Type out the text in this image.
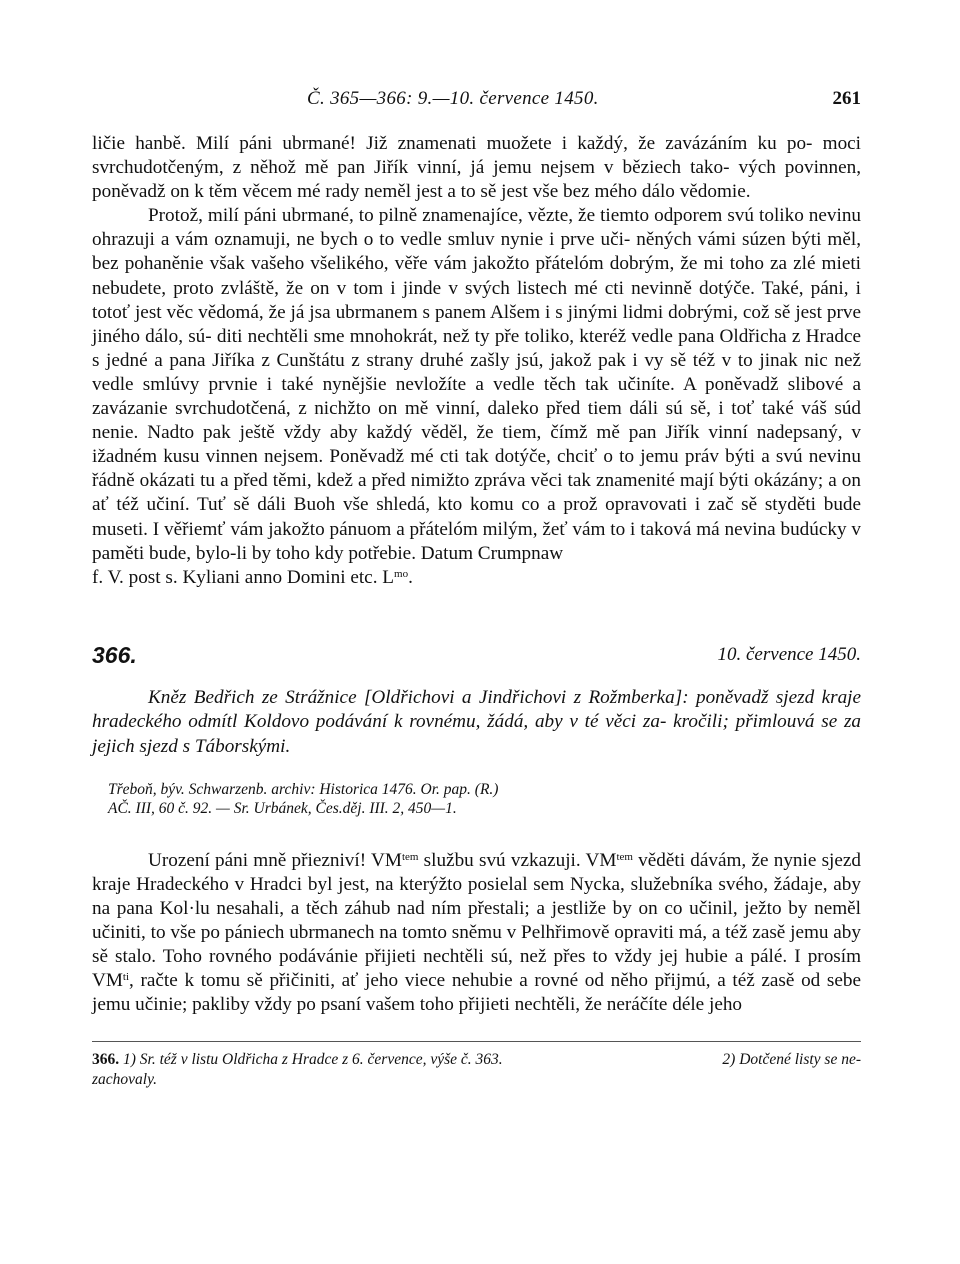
Č. 365—366: 9.—10. července 1450.	261

ličie hanbě. Milí páni ubrmané! Již znamenati muožete i každý, že zavázáním ku po- moci svrchudotčeným, z něhož mě pan Jiřík vinní, já jemu nejsem v běziech tako- vých povinnen, poněvadž on k těm věcem mé rady neměl jest a to sě jest vše bez mého dálo vědomie.

Protož, milí páni ubrmané, to pilně znamenajíce, vězte, že tiemto odporem svú toliko nevinu ohrazuji a vám oznamuji, ne bych o to vedle smluv nynie i prve uči- něných vámi súzen býti měl, bez pohaněnie však vašeho všelikého, věře vám jakožto přátelóm dobrým, že mi toho za zlé mieti nebudete, proto zvláště, že on v tom i jinde v svých listech mé cti nevinně dotýče. Také, páni, i totoť jest věc vědomá, že já jsa ubrmanem s panem Alšem i s jinými lidmi dobrými, což sě jest prve jiného dálo, sú- diti nechtěli sme mnohokrát, než ty pře toliko, kteréž vedle pana Oldřicha z Hradce s jedné a pana Jiříka z Cunštátu z strany druhé zašly jsú, jakož pak i vy sě též v to jinak nic než vedle smlúvy prvnie i také nynějšie nevložíte a vedle těch tak učiníte. A poněvadž slibové a zavázanie svrchudotčená, z nichžto on mě vinní, daleko před tiem dáli sú sě, i toť také váš súd nenie. Nadto pak ještě vždy aby každý věděl, že tiem, čímž mě pan Jiřík vinní nadepsaný, v ižadném kusu vinnen nejsem. Poněvadž mé cti tak dotýče, chciť o to jemu práv býti a svú nevinu řádně okázati tu a před těmi, kdež a před nimižto zpráva věci tak znamenité mají býti okázány; a on ať též učiní. Tuť sě dáli Buoh vše shledá, kto komu co a prož opravovati i zač sě styděti bude museti. I věřiemť vám jakožto pánuom a přátelóm milým, žeť vám to i taková má nevina budúcky v paměti bude, bylo-li by toho kdy potřebie. Datum Crumpnaw
f. V. post s. Kyliani anno Domini etc. $L^{mo}$.

366.	10. července 1450.

Kněz Bedřich ze Strážnice [Oldřichovi a Jindřichovi z Rožmberka]: poněvadž sjezd kraje hradeckého odmítl Koldovo podávání k rovnému, žádá, aby v té věci za- kročili; přimlouvá se za jejich sjezd s Táborskými.

Třeboň, býv. Schwarzenb. archiv: Historica 1476. Or. pap. (R.)
AČ. III, 60 č. 92. — Sr. Urbánek, Čes.děj. III. 2, 450—1.

Urození páni mně přiezniví! $VM^{tem}$ službu svú vzkazuji. $VM^{tem}$ věděti dávám, že nynie sjezd kraje Hradeckého v Hradci byl jest, na kterýžto posielal sem Nycka, služebníka svého, žádaje, aby na pana Kol·lu nesahali, a těch záhub nad ním přestali; a jestliže by on co učinil, ježto by neměl učiniti, to vše po pániech ubrmanech na tomto sněmu v Pelhřimově opraviti má, a též zasě jemu aby sě stalo. Toho rovného podávánie přijieti nechtěli sú, než přes to vždy jej hubie a pálé. I prosím $VM^{ti}$, račte k tomu sě přičiniti, ať jeho viece nehubie a rovné od něho přijmú, a též zasě od sebe jemu učinie; pakliby vždy po psaní vašem toho přijieti nechtěli, že neráčíte déle jeho

366. 1) Sr. též v listu Oldřicha z Hradce z 6. července, výše č. 363.	2) Dotčené listy se ne-
zachovaly.
